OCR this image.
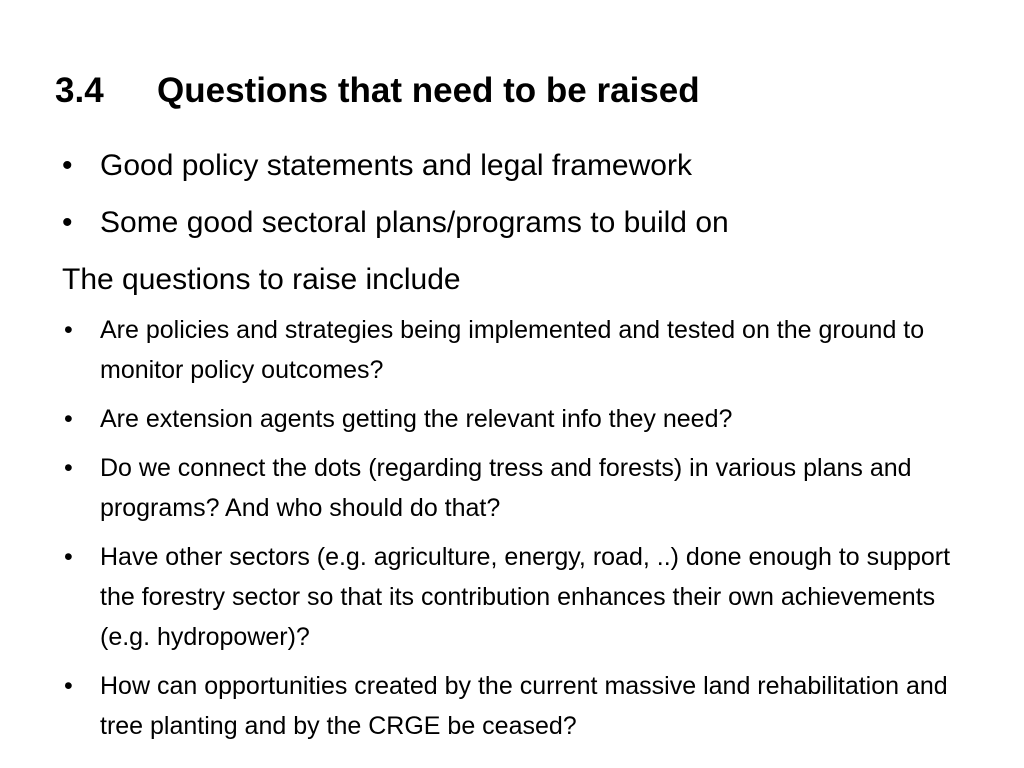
3.4 Questions that need to be raised
• Good policy statements and legal framework
• Some good sectoral plans/programs to build on
The questions to raise include
• Are policies and strategies being implemented and tested on the ground to monitor policy outcomes?
• Are extension agents getting the relevant info they need?
• Do we connect the dots (regarding tress and forests) in various plans and programs? And who should do that?
• Have other sectors (e.g. agriculture, energy, road, ..) done enough to support the forestry sector so that its contribution enhances their own achievements (e.g. hydropower)?
• How can opportunities created by the current massive land rehabilitation and tree planting and by the CRGE be ceased?
